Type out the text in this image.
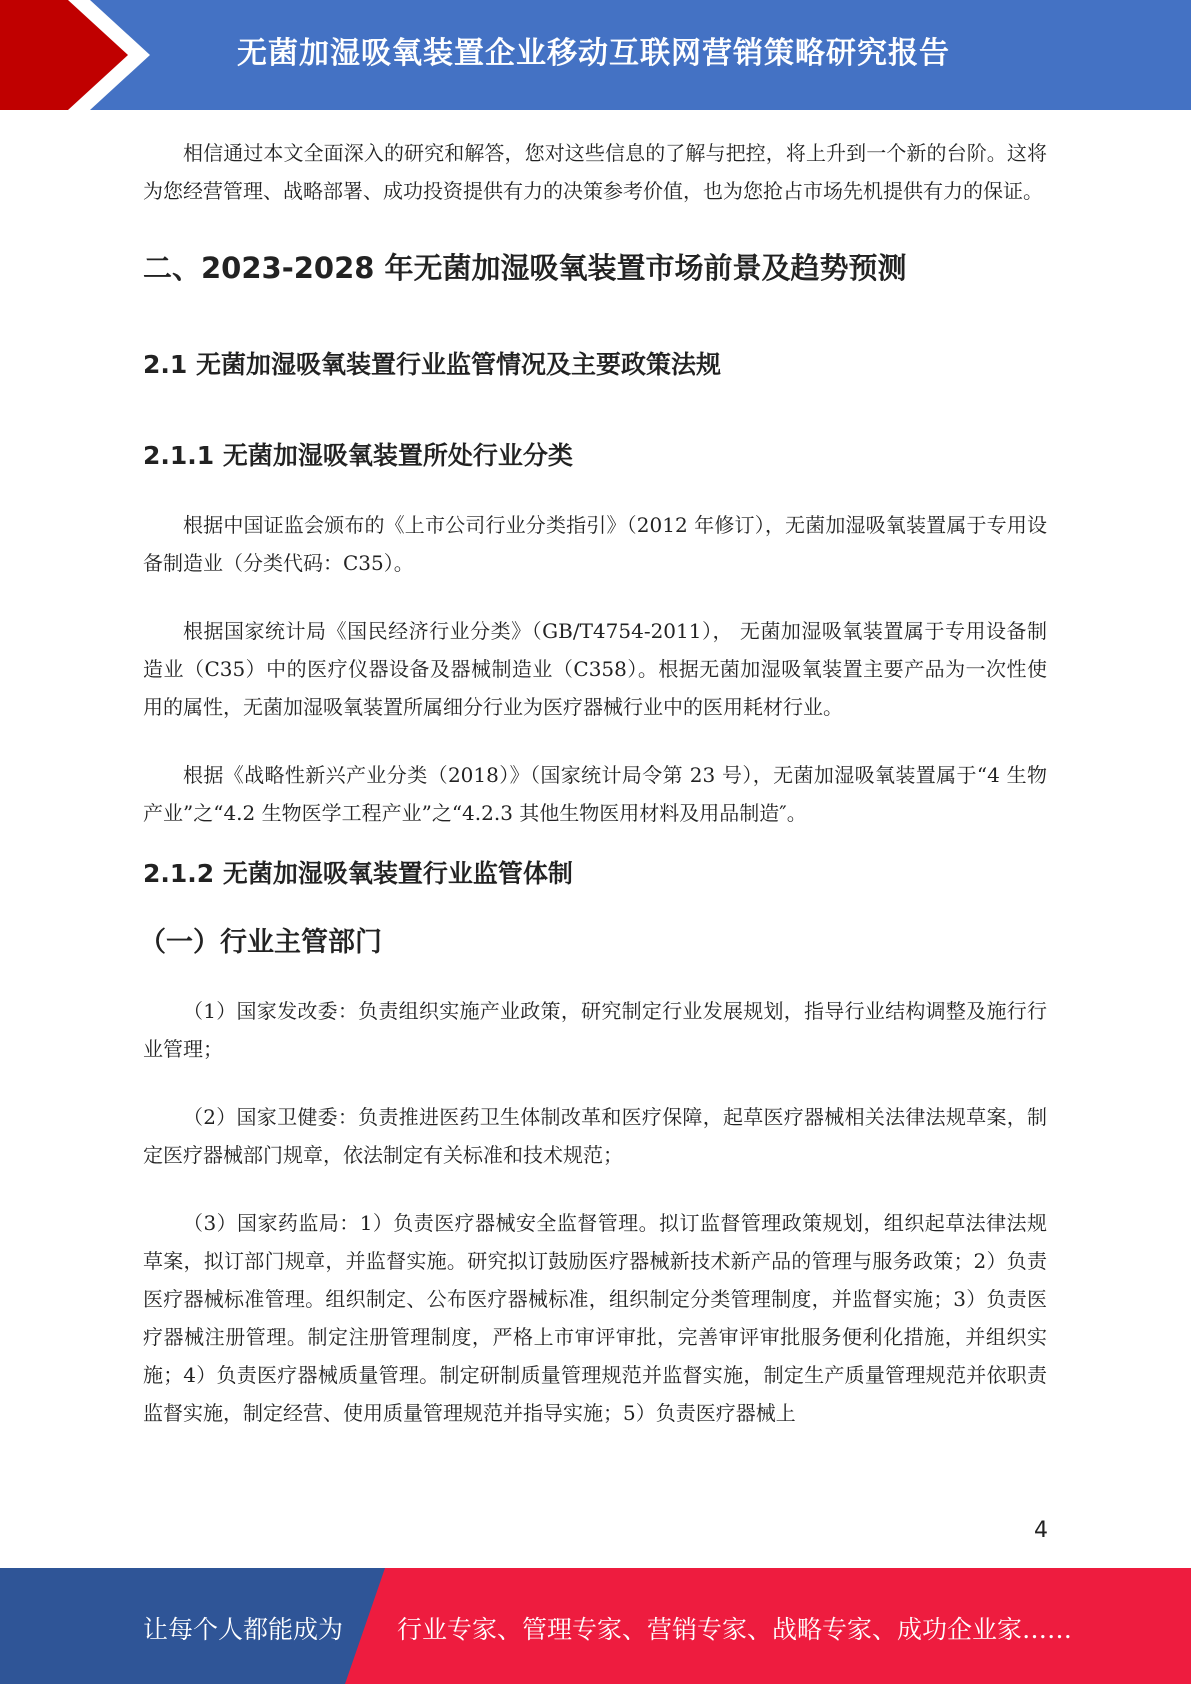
无菌加湿吸氧装置企业移动互联网营销策略研究报告

相信通过本文全面深入的研究和解答，您对这些信息的了解与把控，将上升到一个新的台阶。这将为您经营管理、战略部署、成功投资提供有力的决策参考价值，也为您抢占市场先机提供有力的保证。

二、2023-2028 年无菌加湿吸氧装置市场前景及趋势预测
2.1 无菌加湿吸氧装置行业监管情况及主要政策法规
2.1.1 无菌加湿吸氧装置所处行业分类

根据中国证监会颁布的《上市公司行业分类指引》（2012 年修订），无菌加湿吸氧装置属于专用设备制造业（分类代码：C35）。

根据国家统计局《国民经济行业分类》（GB/T4754-2011）， 无菌加湿吸氧装置属于专用设备制造业（C35）中的医疗仪器设备及器械制造业（C358）。根据无菌加湿吸氧装置主要产品为一次性使用的属性，无菌加湿吸氧装置所属细分行业为医疗器械行业中的医用耗材行业。

根据《战略性新兴产业分类（2018）》（国家统计局令第 23 号），无菌加湿吸氧装置属于“4 生物产业”之“4.2 生物医学工程产业”之“4.2.3 其他生物医用材料及用品制造″。

2.1.2 无菌加湿吸氧装置行业监管体制
（一）行业主管部门

（1）国家发改委：负责组织实施产业政策，研究制定行业发展规划，指导行业结构调整及施行行业管理；

（2）国家卫健委：负责推进医药卫生体制改革和医疗保障，起草医疗器械相关法律法规草案，制定医疗器械部门规章，依法制定有关标准和技术规范；

（3）国家药监局：1）负责医疗器械安全监督管理。拟订监督管理政策规划，组织起草法律法规草案，拟订部门规章，并监督实施。研究拟订鼓励医疗器械新技术新产品的管理与服务政策；2）负责医疗器械标准管理。组织制定、公布医疗器械标准，组织制定分类管理制度，并监督实施；3）负责医疗器械注册管理。制定注册管理制度，严格上市审评审批，完善审评审批服务便利化措施，并组织实施；4）负责医疗器械质量管理。制定研制质量管理规范并监督实施，制定生产质量管理规范并依职责监督实施，制定经营、使用质量管理规范并指导实施；5）负责医疗器械上

4
让每个人都能成为 行业专家、管理专家、营销专家、战略专家、成功企业家……
